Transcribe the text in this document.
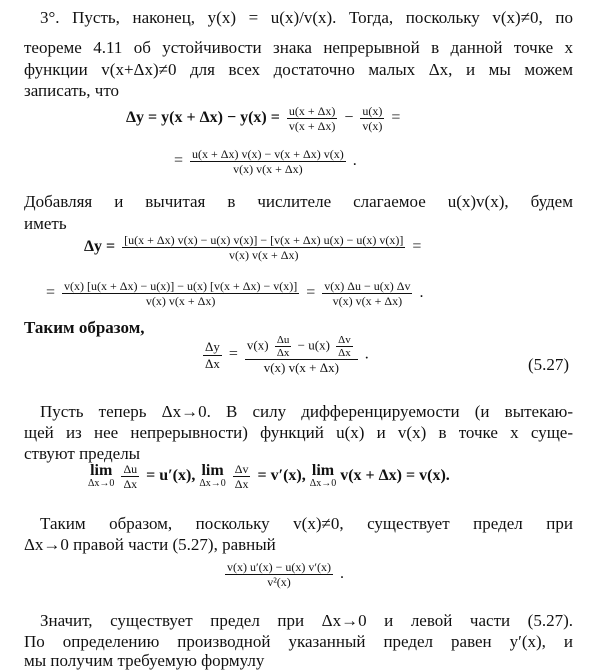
3°. Пусть, наконец, y(x) = u(x)/v(x). Тогда, поскольку v(x)≠0, по
теореме 4.11 об устойчивости знака непрерывной в данной точке x
функции v(x+Δx)≠0 для всех достаточно малых Δx, и мы можем
записать, что
$\Delta y = y(x + \Delta x) - y(x) = \frac{u(x + \Delta x)}{v(x + \Delta x)} - \frac{u(x)}{v(x)}$ =
= $\frac{u(x + \Delta x) v(x) - v(x + \Delta x) v(x)}{v(x) v(x + \Delta x)}$ .
Добавляя и вычитая в числителе слагаемое u(x)v(x), будем
иметь
$\Delta y = \frac{[u(x + \Delta x) v(x) - u(x) v(x)] - [v(x + \Delta x) u(x) - u(x) v(x)]}{v(x) v(x + \Delta x)}$ =
= $\frac{v(x) [u(x + \Delta x) - u(x)] - u(x) [v(x + \Delta x) - v(x)]}{v(x) v(x + \Delta x)} = \frac{v(x) \Delta u - u(x) \Delta v}{v(x) v(x + \Delta x)}$ .
Таким образом,
$\frac{\Delta y}{\Delta x} = \frac{v(x) \frac{\Delta u}{\Delta x} - u(x) \frac{\Delta v}{\Delta x}}{v(x) v(x + \Delta x)}$ .
(5.27)
Пусть теперь Δx→0. В силу дифференцируемости (и вытекаю-
щей из нее непрерывности) функций u(x) и v(x) в точке x суще-
ствуют пределы
lim
Δx→0
$\frac{\Delta u}{\Delta x} = u'(x)$, lim
Δx→0
$\frac{\Delta v}{\Delta x} = v'(x)$, lim
Δx→0 v(x + Δx) = v(x).
Таким образом, поскольку v(x)≠0, существует предел при
Δx→0 правой части (5.27), равный
$\frac{v(x) u'(x) - u(x) v'(x)}{\text{v²(x)}}$ .
Значит, существует предел при Δx→0 и левой части (5.27).
По определению производной указанный предел равен y′(x), и
мы получим требуемую формулу
